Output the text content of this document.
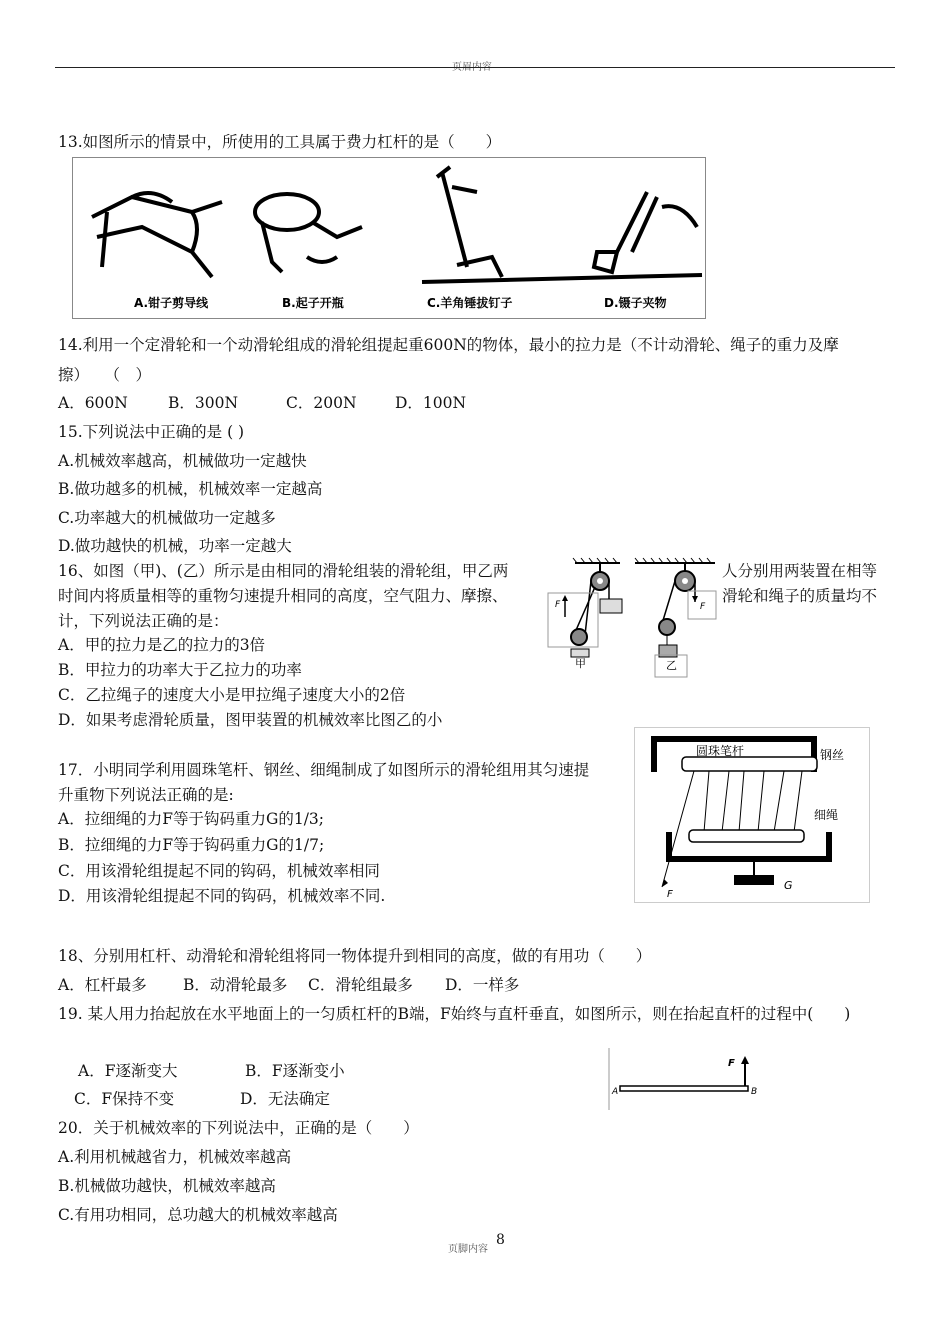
13.如图所示的情景中，所使用的工具属于费力杠杆的是（　　）
A.钳子剪导线	B.起子开瓶	C.羊角锤拔钉子	D.镊子夹物
14.利用一个定滑轮和一个动滑轮组成的滑轮组提起重600N的物体，最小的拉力是（不计动滑轮、绳子的重力及摩
擦）　　（　）
A．600N	B．300N	C．200N D．100N
15.下列说法中正确的是 ( )
A.机械效率越高，机械做功一定越快
B.做功越多的机械，机械效率一定越高
C.功率越大的机械做功一定越多
D.做功越快的机械，功率一定越大
16、如图（甲)、(乙）所示是由相同的滑轮组装的滑轮组，甲乙两	人分别用两装置在相等
时间内将质量相等的重物匀速提升相同的高度，空气阻力、摩擦、	滑轮和绳子的质量均不
计，下列说法正确的是：
A．甲的拉力是乙的拉力的3倍
B．甲拉力的功率大于乙拉力的功率
C．乙拉绳子的速度大小是甲拉绳子速度大小的2倍
D．如果考虑滑轮质量，图甲装置的机械效率比图乙的小
F
甲
F
乙
17．小明同学利用圆珠笔杆、钢丝、细绳制成了如图所示的滑轮组用其匀速提
升重物下列说法正确的是:
A．拉细绳的力F等于钩码重力G的1/3;
B．拉细绳的力F等于钩码重力G的1/7;
C．用该滑轮组提起不同的钩码，机械效率相同
D．用该滑轮组提起不同的钩码，机械效率不同.
圆珠笔杆	钢丝
细绳
F
G
18、分别用杠杆、动滑轮和滑轮组将同一物体提升到相同的高度，做的有用功（　　）
A．杠杆最多 B．动滑轮最多 C．滑轮组最多 D．一样多
19. 某人用力抬起放在水平地面上的一匀质杠杆的B端，F始终与直杆垂直，如图所示，则在抬起直杆的过程中(　　)
A．F逐渐变大	B．F逐渐变小
C．F保持不变	D．无法确定
F
A	B
20．关于机械效率的下列说法中，正确的是（　　）
A.利用机械越省力，机械效率越高
B.机械做功越快，机械效率越高
C.有用功相同，总功越大的机械效率越高
页脚内容
8
